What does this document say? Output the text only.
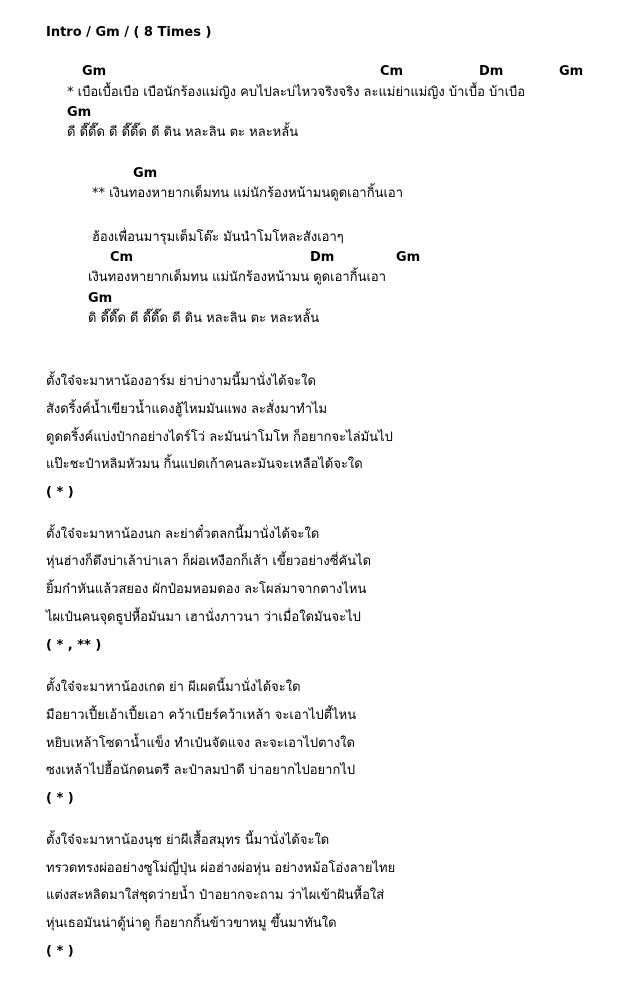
Intro / Gm / ( 8 Times )
Gm	Cm	Dm	Gm
* เบือเบื้อเบือ เบือนักร้องแม่ญิง คบไปละบ่ไหวจริงจริง ละแม่ย่าแม่ญิง บ้าเบื้อ บ้าเบือ
Gm
ดี ดี๊ดี๊ด ดี ดี๊ดี๊ด ดี ดิน หละลิน ตะ หละหลั้น
Gm
** เงินทองหายากเด็มทน แม่นักร้องหน้ามนดูดเอากิ้นเอา
ฮ้องเพื่อนมารุมเต็มโต๊ะ มันนำโมโหละสังเอาๆ
Cm	Dm	Gm
เงินทองหายากเด็มทน แม่นักร้องหน้ามน ดูดเอากิ้นเอา
Gm
ดิ ดี๊ดี๊ด ดี ดี๊ดี๊ด ดี ดิน หละลิน ตะ หละหลั้น
ตั้งใจ๋จะมาหาน้องอาร์ม ย่าบ่างามนี้มานั่งได้จะใด
สังดริ้งค์น้ำเขียวน้ำแดงฮู้ไหมมันแพง ละสั่งมาทำไม
ดูดดริ้งค์แบ่งป๋ากอย่างไดร์โว่ ละมันน่าโมโห ก็อยากจะไล่มันไป
แป๊ะชะป๋าหลิมหัวมน กิ้นแปดเก้าคนละมันจะเหลือได้จะใด
( * )
ตั้งใจ๋จะมาหาน้องนก ละย่าตั๋วตลกนี้มานั่งได้จะใด
หุ่นฮ่างก็ดึงบ่าเล้าบ่าเลา ก็ผ่อเหงือกก็เส้า เขี้ยวอย่างซี่คันได
ยิ้มก๋าหันแล้วสยอง ผักป๋อมหอมดอง ละโผล่มาจากตางไหน
ไผเป๋นคนจุดธูปหื้อมันมา เฮานั่งภาวนา ว่าเมื่อใดมันจะไป
( * , ** )
ตั้งใจ๋จะมาหาน้องเกด ย่า ผีเผดนี้มานั่งได้จะใด
มือยาวเปี้ยเอ้าเปี้ยเอา คว้าเบียร์คว้าเหล้า จะเอาไปตี้ไหน
หยิบเหล้าโซดาน้ำแข็ง ทำเป๋นจัดแจง ละจะเอาไปตางใด
ซงเหล้าไปฮื้อนักดนตรี ละป๋าลมป่าดี บ่าอยากไปอยากไป
( * )
ตั้งใจ๋จะมาหาน้องนุช ย่าผีเสื้อสมุทร นี้มานั่งได้จะใด
ทรวดทรงผ่ออย่างซูโม่ญี่ปุ่น ผ่อฮ่างผ่อหุ่น อย่างหม้อโอ่งลายไทย
แต่งสะหลิดมาใส่ชุดว่ายน้ำ ป๋าอยากจะถาม ว่าไผเข้าฝันหื้อใส่
หุ่นเธอมันน่าดู้น่าดู ก็อยากกิ้นข้าวขาหมู ขึ้นมาทันใด
( * )
